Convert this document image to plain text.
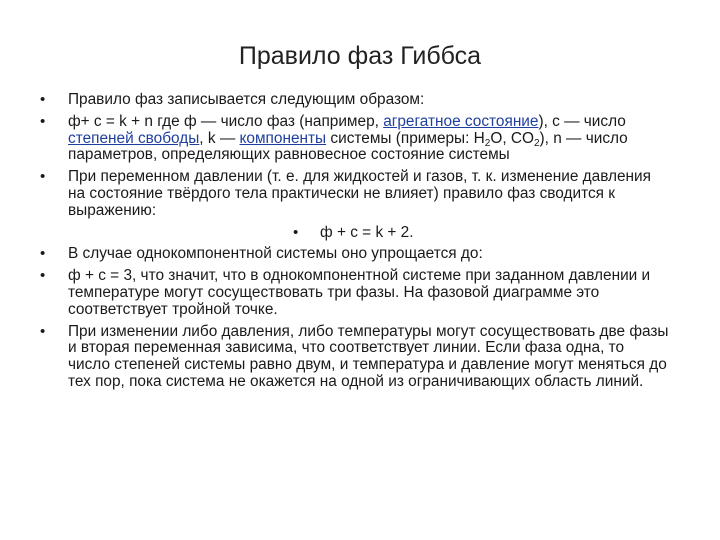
Правило фаз Гиббса
• Правило фаз записывается следующим образом:
• ф+ с = k + n где ф — число фаз (например, агрегатное состояние), с — число степеней свободы, k — компоненты системы (примеры: $H_2O$, $CO_2$), n — число параметров, определяющих равновесное состояние системы
• При переменном давлении (т. е. для жидкостей и газов, т. к. изменение давления на состояние твёрдого тела практически не влияет) правило фаз сводится к выражению:
• ф + с = k + 2.
• В случае однокомпонентной системы оно упрощается до:
• ф + с = 3, что значит, что в однокомпонентной системе при заданном давлении и температуре могут сосуществовать три фазы. На фазовой диаграмме это соответствует тройной точке.
• При изменении либо давления, либо температуры могут сосуществовать две фазы и вторая переменная зависима, что соответствует линии. Если фаза одна, то число степеней системы равно двум, и температура и давление могут меняться до тех пор, пока система не окажется на одной из ограничивающих область линий.
